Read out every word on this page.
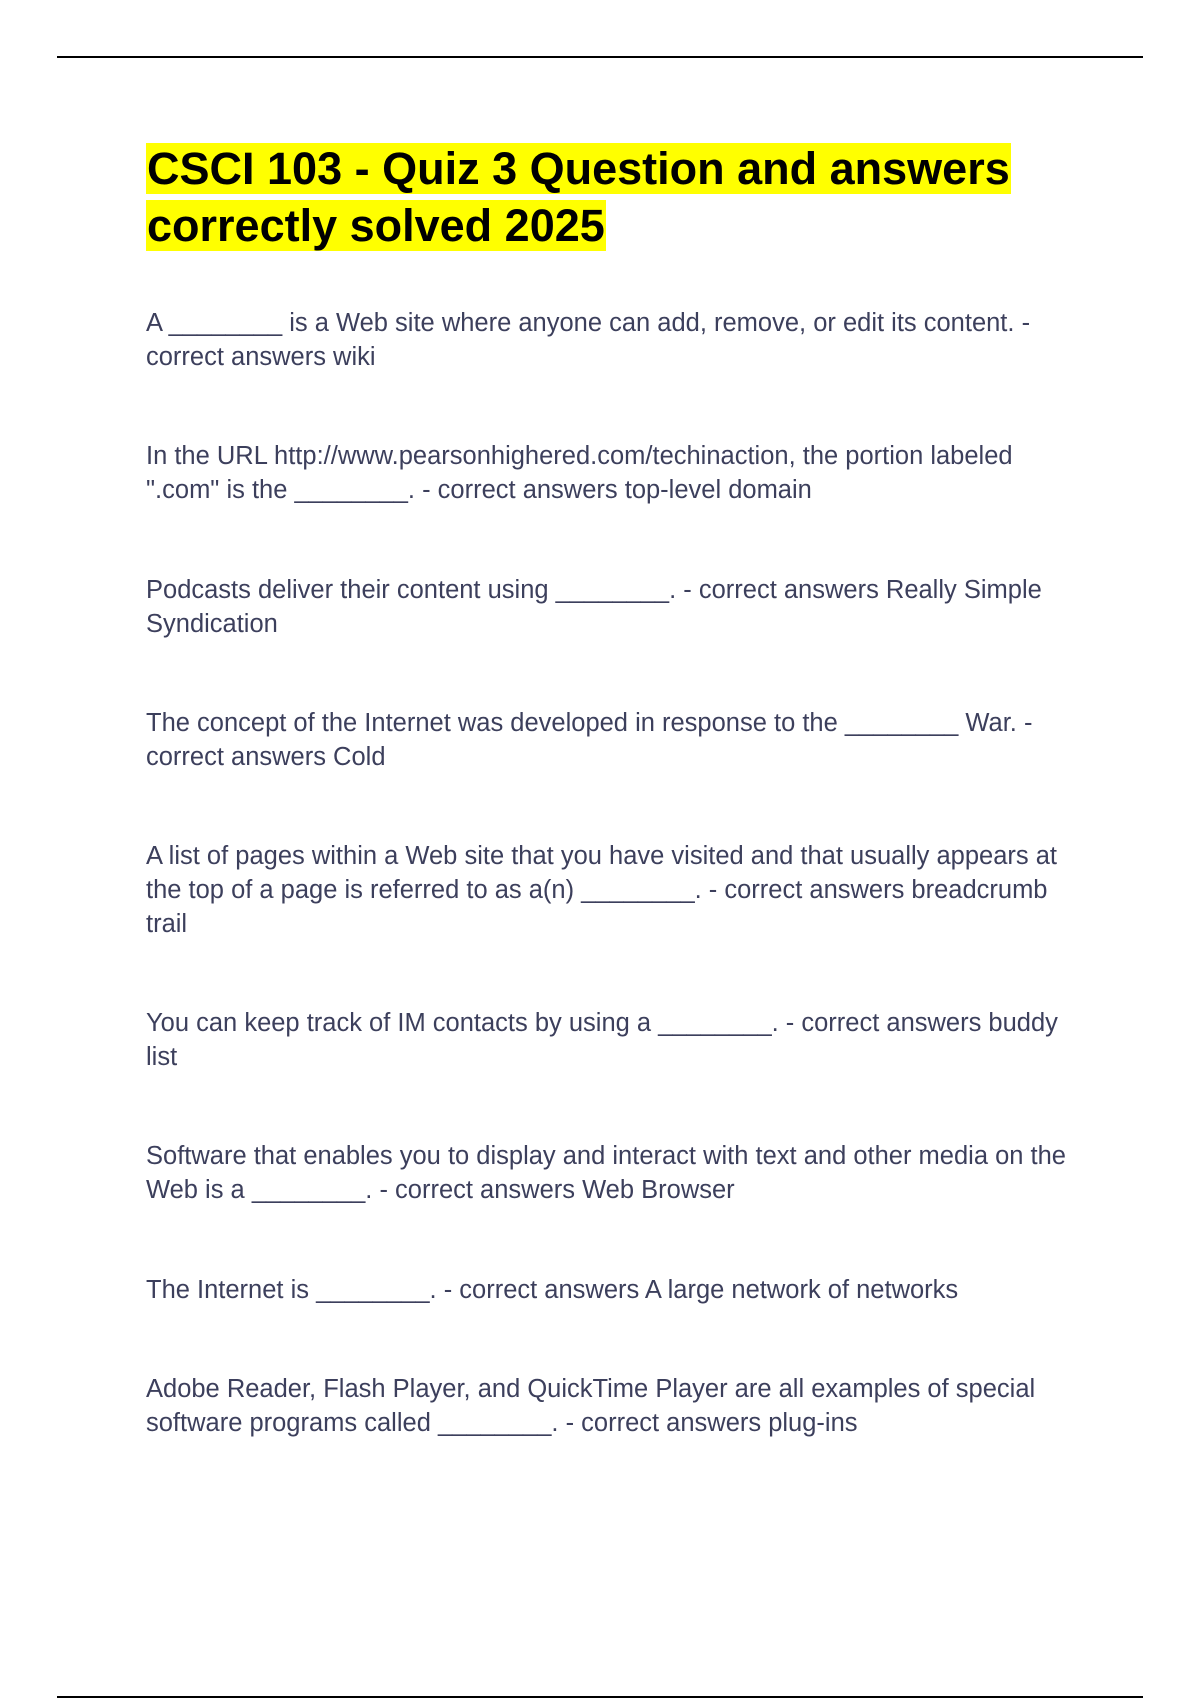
CSCI 103 - Quiz 3 Question and answers correctly solved 2025
A ________ is a Web site where anyone can add, remove, or edit its content. - correct answers wiki
In the URL http://www.pearsonhighered.com/techinaction, the portion labeled ".com" is the ________. - correct answers top-level domain
Podcasts deliver their content using ________. - correct answers Really Simple Syndication
The concept of the Internet was developed in response to the ________ War. - correct answers Cold
A list of pages within a Web site that you have visited and that usually appears at the top of a page is referred to as a(n) ________. - correct answers breadcrumb trail
You can keep track of IM contacts by using a ________. - correct answers buddy list
Software that enables you to display and interact with text and other media on the Web is a ________. - correct answers Web Browser
The Internet is ________. - correct answers A large network of networks
Adobe Reader, Flash Player, and QuickTime Player are all examples of special software programs called ________. - correct answers plug-ins
